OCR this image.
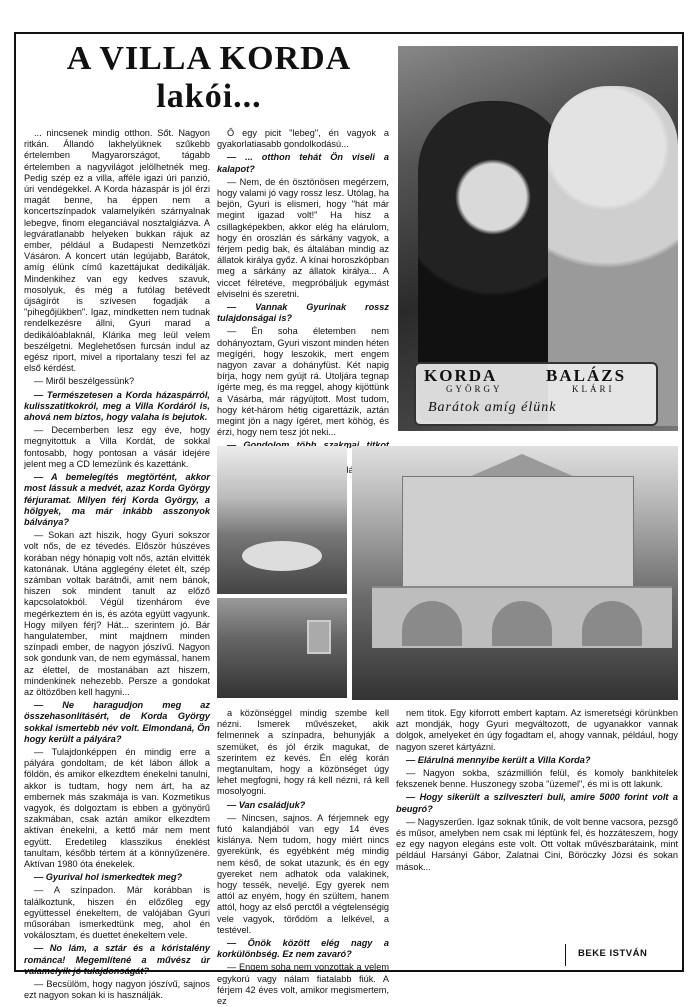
A VILLA KORDA
lakói...

... nincsenek mindig otthon. Sőt. Nagyon ritkán. Állandó lakhelyüknek szűkebb értelemben Magyarországot, tágabb értelemben a nagyvilágot jelölhetnék meg. Pedig szép ez a villa, afféle igazi úri panzió, úri vendégekkel. A Korda házaspár is jól érzi magát benne, ha éppen nem a koncertszínpadok valamelyikén szárnyalnak lebegve, finom eleganciával nosztalgiázva. A legváratlanabb helyeken bukkan rájuk az ember, például a Budapesti Nemzetközi Vásáron. A koncert után legújabb, Barátok, amíg élünk című kazettájukat dedikálják. Mindenkihez van egy kedves szavuk, mosolyuk, és még a futólag betévedt újságírót is szívesen fogadják a "pihegőjükben". Igaz, mindketten nem tudnak rendelkezésre állni, Gyuri marad a dedikálóablaknál, Klárika meg leül velem beszélgetni. Meglehetősen furcsán indul az egész riport, mivel a riportalany teszi fel az első kérdést.

— Miről beszélgessünk?

— Természetesen a Korda házaspárról, kulisszatitkokról, meg a Villa Kordáról is, ahová nem biztos, hogy valaha is bejutok.

— Decemberben lesz egy éve, hogy megnyitottuk a Villa Kordát, de sokkal fontosabb, hogy pontosan a vásár idejére jelent meg a CD lemezünk és kazettánk.

— A bemelegítés megtörtént, akkor most lássuk a medvét, azaz Korda György férjuramat. Milyen férj Korda György, a hölgyek, ma már inkább asszonyok bálványa?

— Sokan azt hiszik, hogy Gyuri sokszor volt nős, de ez tévedés. Először húszéves korában négy hónapig volt nős, aztán elvitték katonának. Utána agglegény életet élt, szép számban voltak barátnői, amit nem bánok, hiszen sok mindent tanult az előző kapcsolatokból. Végül tizenhárom éve megérkeztem én is, és azóta együtt vagyunk. Hogy milyen férj? Hát... szerintem jó. Bár hangulatember, mint majdnem minden színpadi ember, de nagyon jószívű. Nagyon sok gondunk van, de nem egymással, hanem az élettel, de mostanában azt hiszem, mindenkinek nehezebb. Persze a gondokat az öltözőben kell hagyni...

— Ne haragudjon meg az összehasonlításért, de Korda György sokkal ismertebb név volt. Elmondaná, Ön hogy került a pályára?

— Tulajdonképpen én mindig erre a pályára gondoltam, de két lábon állok a földön, és amikor elkezdtem énekelni tanulni, akkor is tudtam, hogy nem árt, ha az embernek más szakmája is van. Kozmetikus vagyok, és dolgoztam is ebben a gyönyörű szakmában, csak aztán amikor elkezdtem aktívan énekelni, a kettő már nem ment együtt. Eredetileg klasszikus éneklést tanultam, később tértem át a könnyűzenére. Aktívan 1980 óta énekelek.

— Gyurival hol ismerkedtek meg?

— A színpadon. Már korábban is találkoztunk, hiszen én előzőleg egy együttessel énekeltem, de valójában Gyuri műsorában ismerkedtünk meg, ahol én vokálosztam, és duettet énekeltem vele.

— No lám, a sztár és a kóristalény románca! Megemlítené a művész úr valamelyik jó tulajdonságát?

— Becsülöm, hogy nagyon jószívű, sajnos ezt nagyon sokan ki is használják.

Ő egy picit "lebeg", én vagyok a gyakorlatiasabb gondolkodású...

— ... otthon tehát Ön viseli a kalapot?

— Nem, de én ösztönösen megérzem, hogy valami jó vagy rossz lesz. Utólag, ha bejön, Gyuri is elismeri, hogy "hát már megint igazad volt!" Ha hisz a csillagképekben, akkor elég ha elárulom, hogy én oroszlán és sárkány vagyok, a férjem pedig bak, és általában mindig az állatok királya győz. A kínai horoszkópban meg a sárkány az állatok királya... A viccet félretéve, megpróbáljuk egymást elviselni és szeretni.

— Vannak Gyurinak rossz tulajdonságai is?

— Én soha életemben nem dohányoztam, Gyuri viszont minden héten megígéri, hogy leszokik, mert engem nagyon zavar a dohányfüst. Két napig bírja, hogy nem gyújt rá. Utoljára tegnap ígérte meg, és ma reggel, ahogy kijöttünk a Vásárba, már rágyújtott. Most tudom, hogy két-három hétig cigarettázik, aztán megint jön a nagy ígéret, mert köhög, és érzi, hogy nem tesz jót neki...

például,

KORDA	BALÁZS
GYÖRGY	KLÁRI
Barátok amíg élünk

a közönséggel mindig szembe kell nézni. Ismerek művészeket, akik felmennek a színpadra, behunyják a szemüket, és jól érzik magukat, de szerintem ez kevés. Én elég korán megtanultam, hogy a közönséget úgy lehet megfogni, hogy rá kell nézni, rá kell mosolyogni.

— Van családjuk?

— Nincsen, sajnos. A férjemnek egy futó kalandjából van egy 14 éves kislánya. Nem tudom, hogy miért nincs gyerekünk, és egyébként még mindig nem késő, de sokat utazunk, és én egy gyereket nem adhatok oda valakinek, hogy tessék, neveljé. Egy gyerek nem attól az enyém, hogy én szültem, hanem attól, hogy az első perctől a végtelenségig vele vagyok, törődöm a lelkével, a testével.

— Önök között elég nagy a korkülönbség. Ez nem zavaró?

— Engem soha nem vonzottak a velem egykorú vagy nálam fiatalabb fiúk. A férjem 42 éves volt, amikor megismertem, ez

nem titok. Egy kiforrott embert kaptam. Az ismeretségi körünkben azt mondják, hogy Gyuri megváltozott, de ugyanakkor vannak dolgok, amelyeket én úgy fogadtam el, ahogy vannak, például, hogy nagyon szeret kártyázni.

— Elárulná mennyibe került a Villa Korda?

— Nagyon sokba, százmillión felül, és komoly bankhitelek fekszenek benne. Huszonegy szoba "üzemel", és mi is ott lakunk.

— Hogy sikerült a szilveszteri buli, amire 5000 forint volt a beugró?

— Nagyszerűen. Igaz soknak tűnik, de volt benne vacsora, pezsgő és műsor, amelyben nem csak mi léptünk fel, és hozzáteszem, hogy ez egy nagyon elegáns este volt. Ott voltak művészbarátaink, mint például Harsányi Gábor, Zalatnai Cini, Böröczky Józsi és sokan mások...

BEKE ISTVÁN
